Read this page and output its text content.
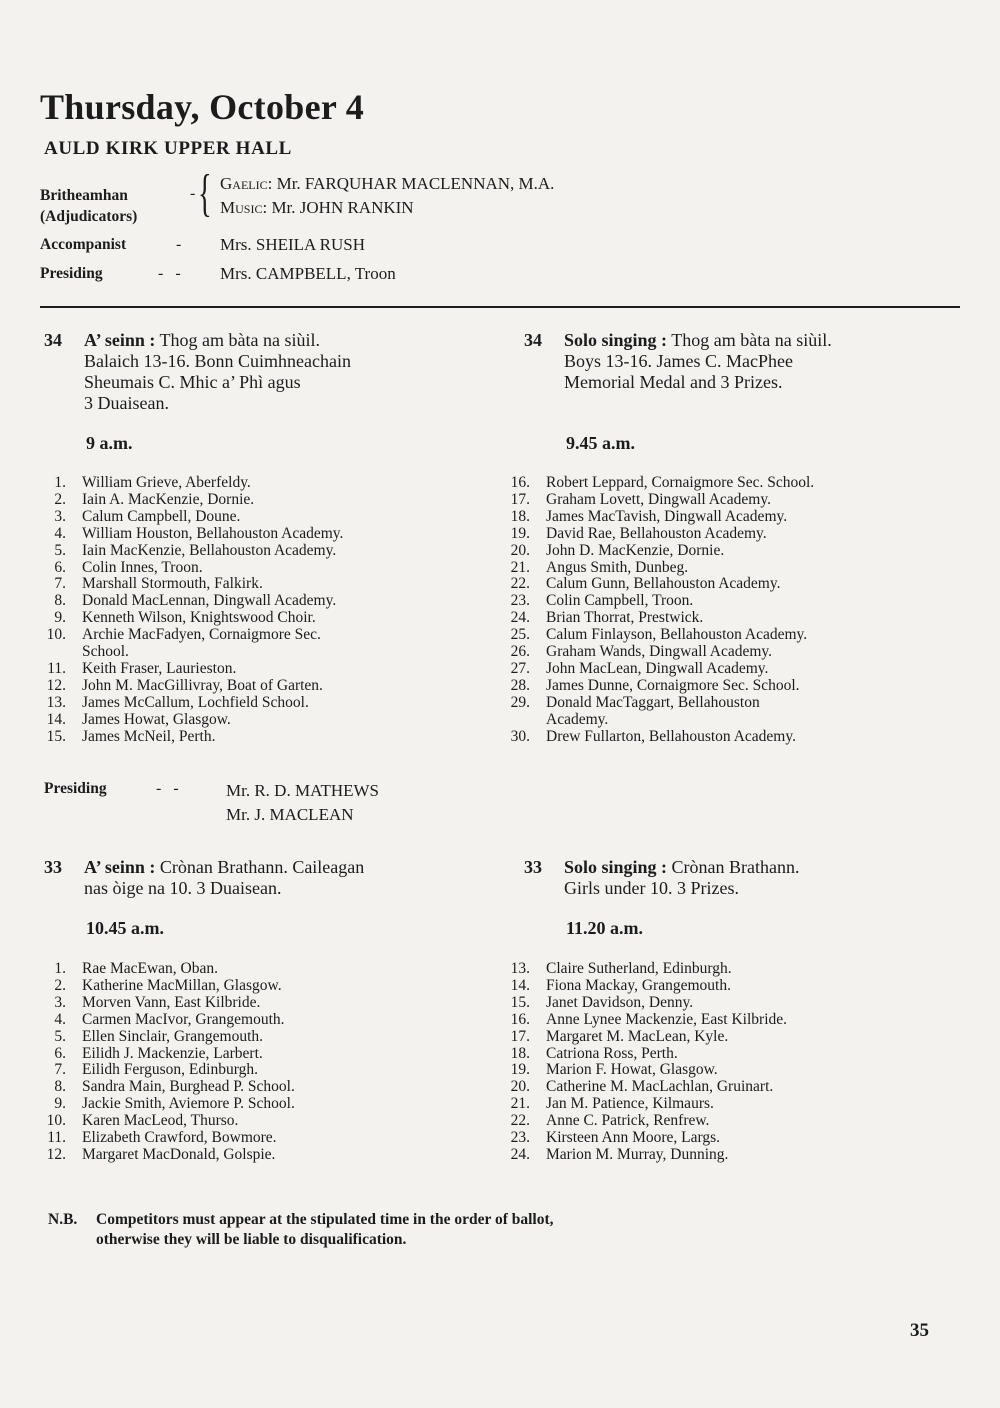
Thursday, October 4
AULD KIRK UPPER HALL
Britheamhan
(Adjudicators)
- { Gaelic: Mr. FARQUHAR MACLENNAN, M.A.
Music: Mr. JOHN RANKIN
Accompanist	- Mrs. SHEILA RUSH
Presiding	-   - Mrs. CAMPBELL, Troon
34 A’ seinn : Thog am bàta na siùil.
Balaich 13-16. Bonn Cuimhneachain
Sheumais C. Mhic a’ Phì agus
3 Duaisean.
9 a.m.
1. William Grieve, Aberfeldy.
2. Iain A. MacKenzie, Dornie.
3. Calum Campbell, Doune.
4. William Houston, Bellahouston Academy.
5. Iain MacKenzie, Bellahouston Academy.
6. Colin Innes, Troon.
7. Marshall Stormouth, Falkirk.
8. Donald MacLennan, Dingwall Academy.
9. Kenneth Wilson, Knightswood Choir.
10. Archie MacFadyen, Cornaigmore Sec.
School.
11. Keith Fraser, Laurieston.
12. John M. MacGillivray, Boat of Garten.
13. James McCallum, Lochfield School.
14. James Howat, Glasgow.
15. James McNeil, Perth.
34 Solo singing : Thog am bàta na siùil.
Boys 13-16. James C. MacPhee
Memorial Medal and 3 Prizes.
9.45 a.m.
16. Robert Leppard, Cornaigmore Sec. School.
17. Graham Lovett, Dingwall Academy.
18. James MacTavish, Dingwall Academy.
19. David Rae, Bellahouston Academy.
20. John D. MacKenzie, Dornie.
21. Angus Smith, Dunbeg.
22. Calum Gunn, Bellahouston Academy.
23. Colin Campbell, Troon.
24. Brian Thorrat, Prestwick.
25. Calum Finlayson, Bellahouston Academy.
26. Graham Wands, Dingwall Academy.
27. John MacLean, Dingwall Academy.
28. James Dunne, Cornaigmore Sec. School.
29. Donald MacTaggart, Bellahouston
Academy.
30. Drew Fullarton, Bellahouston Academy.
Presiding	-   -	Mr. R. D. MATHEWS
Mr. J. MACLEAN
33 A’ seinn : Crònan Brathann. Caileagan
nas òige na 10. 3 Duaisean.
10.45 a.m.
1. Rae MacEwan, Oban.
2. Katherine MacMillan, Glasgow.
3. Morven Vann, East Kilbride.
4. Carmen MacIvor, Grangemouth.
5. Ellen Sinclair, Grangemouth.
6. Eilidh J. Mackenzie, Larbert.
7. Eilidh Ferguson, Edinburgh.
8. Sandra Main, Burghead P. School.
9. Jackie Smith, Aviemore P. School.
10. Karen MacLeod, Thurso.
11. Elizabeth Crawford, Bowmore.
12. Margaret MacDonald, Golspie.
33 Solo singing : Crònan Brathann.
Girls under 10. 3 Prizes.
11.20 a.m.
13. Claire Sutherland, Edinburgh.
14. Fiona Mackay, Grangemouth.
15. Janet Davidson, Denny.
16. Anne Lynee Mackenzie, East Kilbride.
17. Margaret M. MacLean, Kyle.
18. Catriona Ross, Perth.
19. Marion F. Howat, Glasgow.
20. Catherine M. MacLachlan, Gruinart.
21. Jan M. Patience, Kilmaurs.
22. Anne C. Patrick, Renfrew.
23. Kirsteen Ann Moore, Largs.
24. Marion M. Murray, Dunning.
N.B. Competitors must appear at the stipulated time in the order of ballot,
otherwise they will be liable to disqualification.
35
